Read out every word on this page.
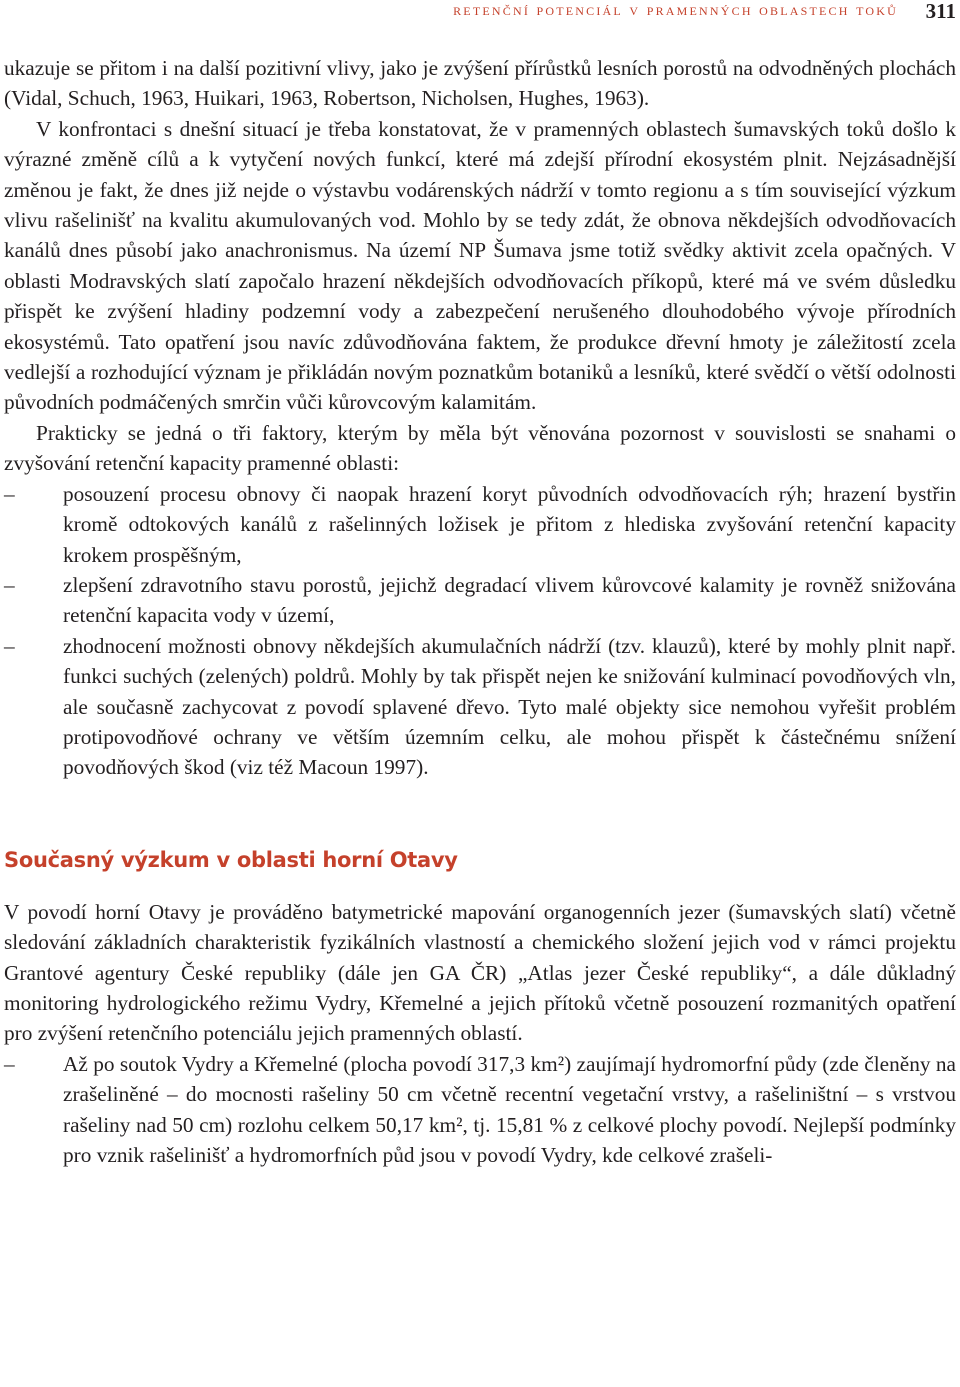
retenční potenciál v pramenných oblastech toků 311

ukazuje se přitom i na další pozitivní vlivy, jako je zvýšení přírůstků lesních porostů na odvodněných plochách (Vidal, Schuch, 1963, Huikari, 1963, Robertson, Nicholsen, Hughes, 1963).

V konfrontaci s dnešní situací je třeba konstatovat, že v pramenných oblastech šumavských toků došlo k výrazné změně cílů a k vytyčení nových funkcí, které má zdejší přírodní ekosystém plnit. Nejzásadnější změnou je fakt, že dnes již nejde o výstavbu vodárenských nádrží v tomto regionu a s tím související výzkum vlivu rašelinišť na kvalitu akumulovaných vod. Mohlo by se tedy zdát, že obnova někdejších odvodňovacích kanálů dnes působí jako anachronismus. Na území NP Šumava jsme totiž svědky aktivit zcela opačných. V oblasti Modravských slatí započalo hrazení někdejších odvodňovacích příkopů, které má ve svém důsledku přispět ke zvýšení hladiny podzemní vody a zabezpečení nerušeného dlouhodobého vývoje přírodních ekosystémů. Tato opatření jsou navíc zdůvodňována faktem, že produkce dřevní hmoty je záležitostí zcela vedlejší a rozhodující význam je přikládán novým poznatkům botaniků a lesníků, které svědčí o větší odolnosti původních podmáčených smrčin vůči kůrovcovým kalamitám.

Prakticky se jedná o tři faktory, kterým by měla být věnována pozornost v souvislosti se snahami o zvyšování retenční kapacity pramenné oblasti:

–	posouzení procesu obnovy či naopak hrazení koryt původních odvodňovacích rýh; hrazení bystřin kromě odtokových kanálů z rašelinných ložisek je přitom z hlediska zvyšování retenční kapacity krokem prospěšným,
–	zlepšení zdravotního stavu porostů, jejichž degradací vlivem kůrovcové kalamity je rovněž snižována retenční kapacita vody v území,
–	zhodnocení možnosti obnovy někdejších akumulačních nádrží (tzv. klauzů), které by mohly plnit např. funkci suchých (zelených) poldrů. Mohly by tak přispět nejen ke snižování kulminací povodňových vln, ale současně zachycovat z povodí splavené dřevo. Tyto malé objekty sice nemohou vyřešit problém protipovodňové ochrany ve větším územním celku, ale mohou přispět k částečnému snížení povodňových škod (viz též Macoun 1997).
Současný výzkum v oblasti horní Otavy

V povodí horní Otavy je prováděno batymetrické mapování organogenních jezer (šumavských slatí) včetně sledování základních charakteristik fyzikálních vlastností a chemického složení jejich vod v rámci projektu Grantové agentury České republiky (dále jen GA ČR) „Atlas jezer České republiky“, a dále důkladný monitoring hydrologického režimu Vydry, Křemelné a jejich přítoků včetně posouzení rozmanitých opatření pro zvýšení retenčního potenciálu jejich pramenných oblastí.

–	Až po soutok Vydry a Křemelné (plocha povodí 317,3 km²) zaujímají hydromorfní půdy (zde členěny na zrašeliněné – do mocnosti rašeliny 50 cm včetně recentní vegetační vrstvy, a rašeliništní – s vrstvou rašeliny nad 50 cm) rozlohu celkem 50,17 km², tj. 15,81 % z celkové plochy povodí. Nejlepší podmínky pro vznik rašelinišť a hydromorfních půd jsou v povodí Vydry, kde celkové zrašeli-
